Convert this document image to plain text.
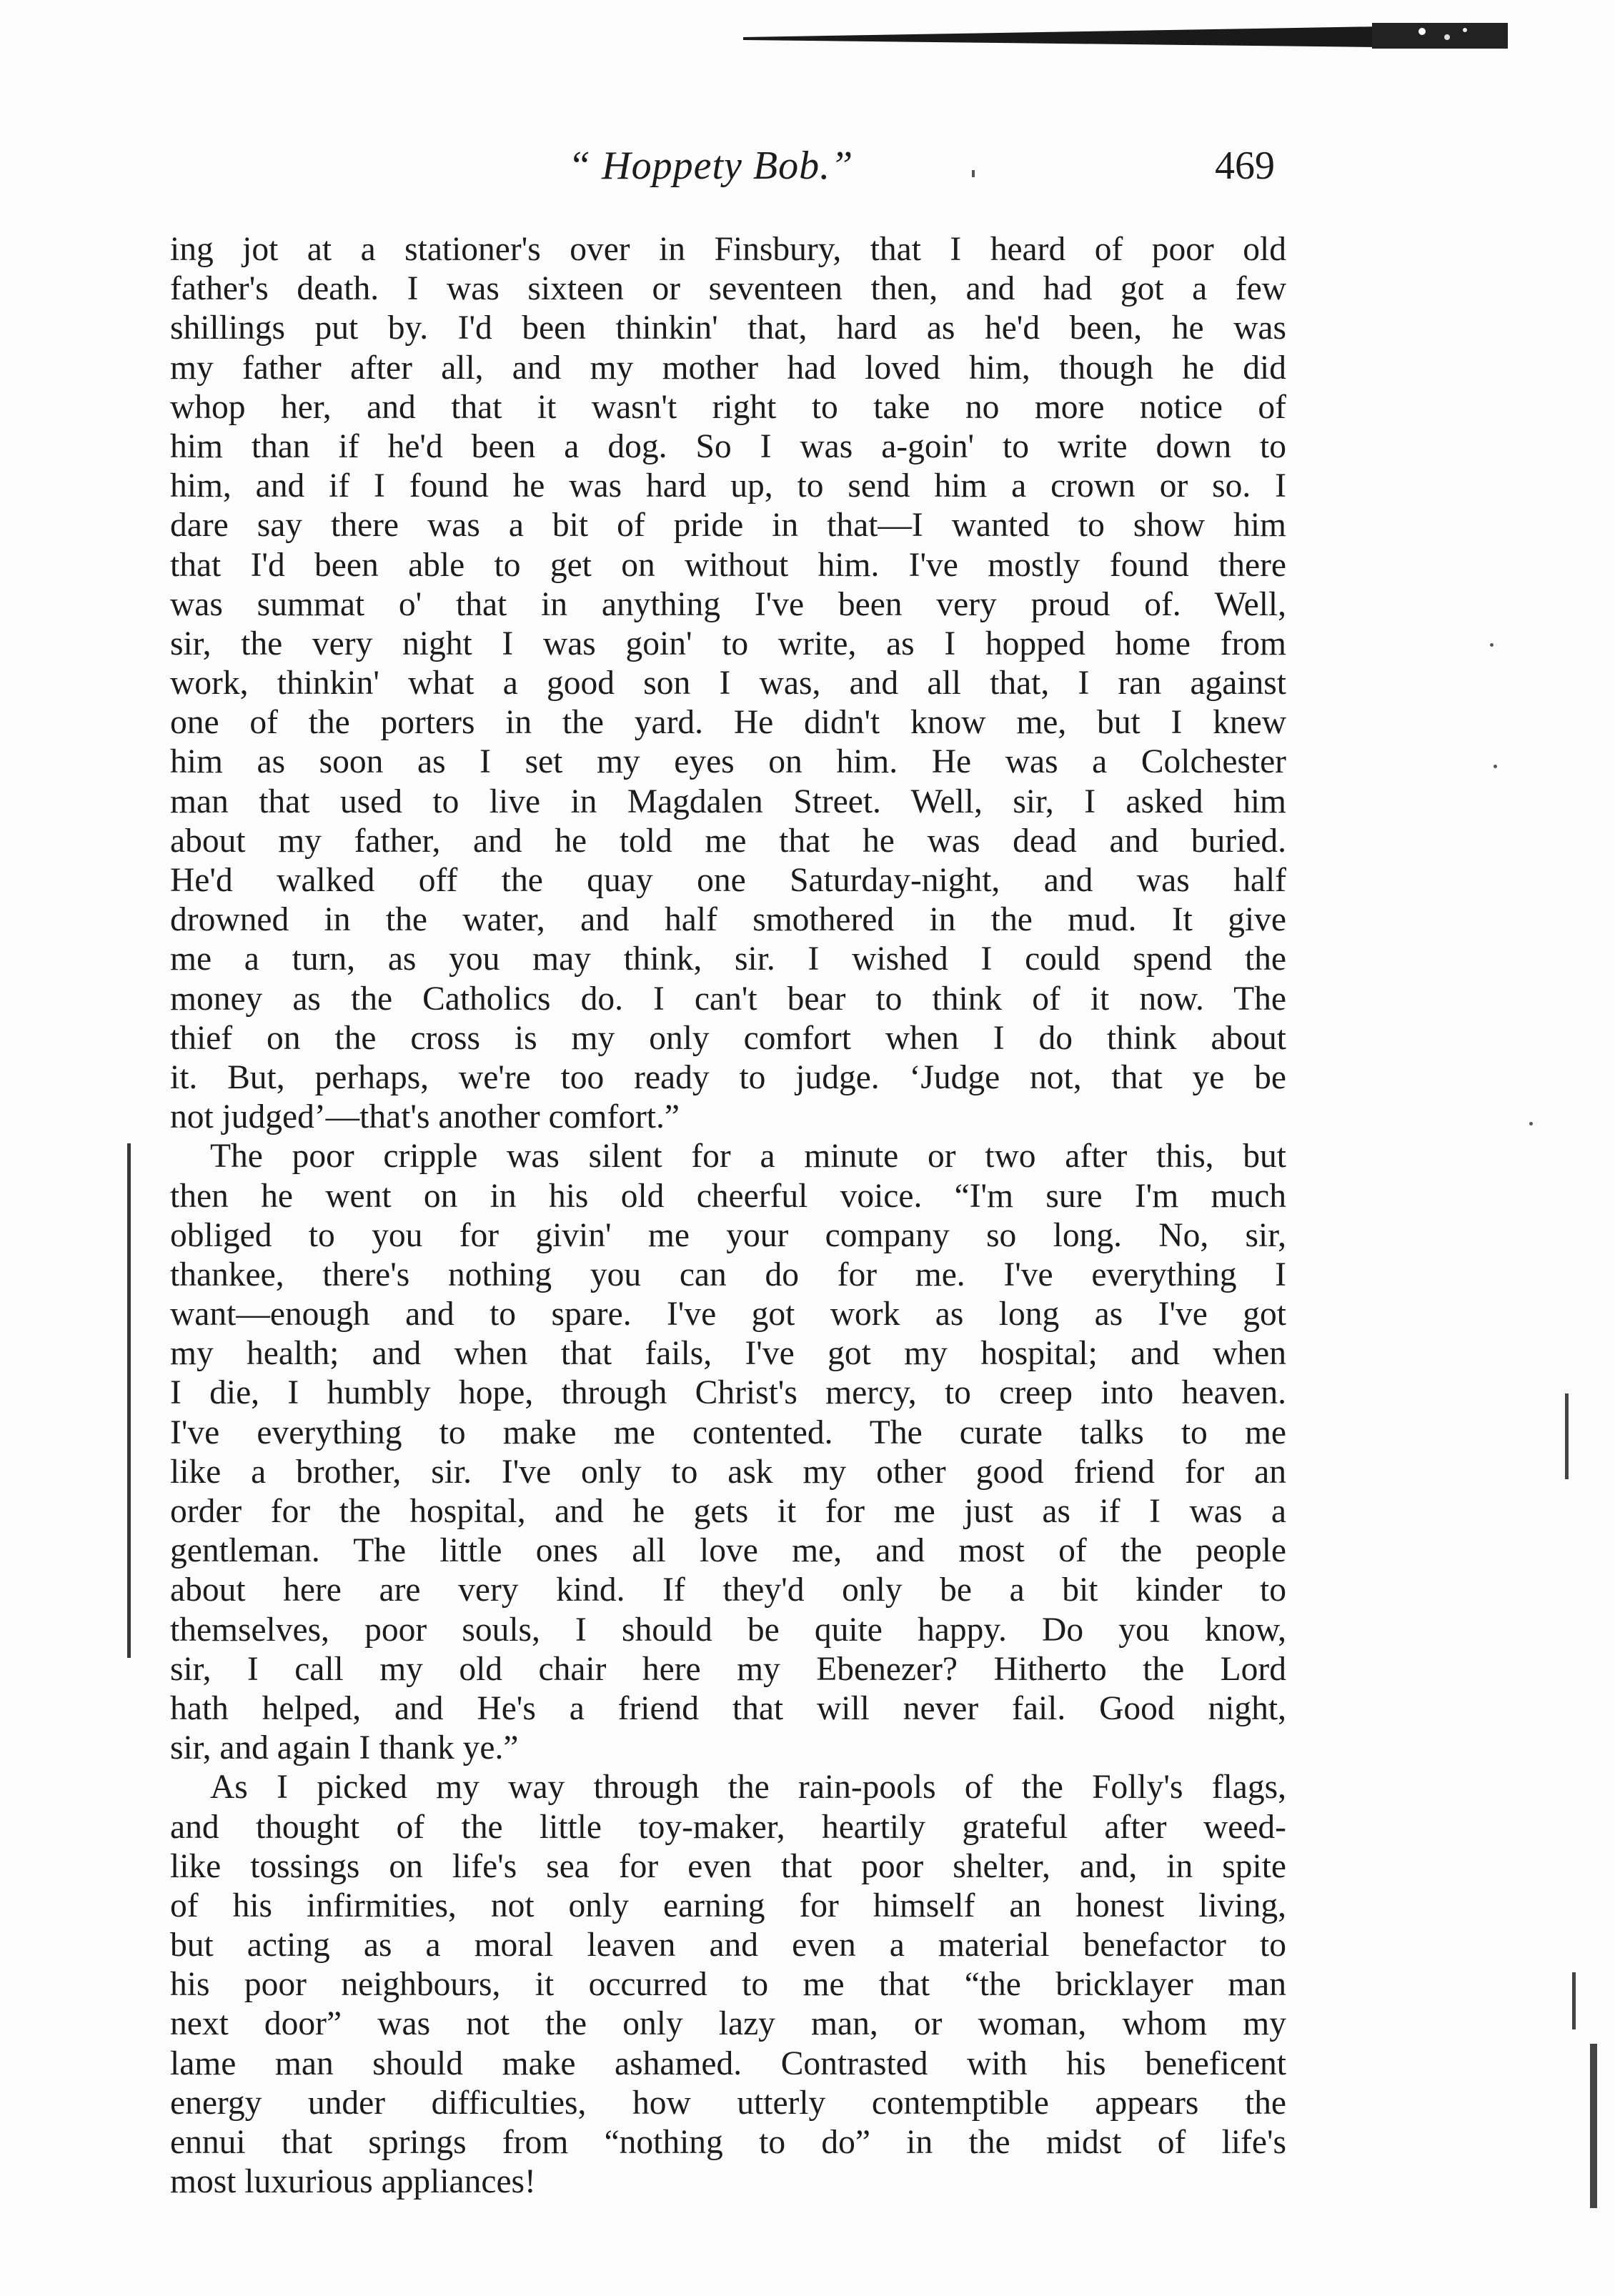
“ Hoppety Bob.”	469
ing jot at a stationer's over in Finsbury, that I heard of poor old
father's death. I was sixteen or seventeen then, and had got a few
shillings put by. I'd been thinkin' that, hard as he'd been, he was
my father after all, and my mother had loved him, though he did
whop her, and that it wasn't right to take no more notice of
him than if he'd been a dog. So I was a-goin' to write down to
him, and if I found he was hard up, to send him a crown or so. I
dare say there was a bit of pride in that—I wanted to show him
that I'd been able to get on without him. I've mostly found there
was summat o' that in anything I've been very proud of. Well,
sir, the very night I was goin' to write, as I hopped home from
work, thinkin' what a good son I was, and all that, I ran against
one of the porters in the yard. He didn't know me, but I knew
him as soon as I set my eyes on him. He was a Colchester
man that used to live in Magdalen Street. Well, sir, I asked him
about my father, and he told me that he was dead and buried.
He'd walked off the quay one Saturday-night, and was half
drowned in the water, and half smothered in the mud. It give
me a turn, as you may think, sir. I wished I could spend the
money as the Catholics do. I can't bear to think of it now. The
thief on the cross is my only comfort when I do think about
it. But, perhaps, we're too ready to judge. ‘Judge not, that ye be
not judged’—that's another comfort.”
The poor cripple was silent for a minute or two after this, but
then he went on in his old cheerful voice. “I'm sure I'm much
obliged to you for givin' me your company so long. No, sir,
thankee, there's nothing you can do for me. I've everything I
want—enough and to spare. I've got work as long as I've got
my health; and when that fails, I've got my hospital; and when
I die, I humbly hope, through Christ's mercy, to creep into heaven.
I've everything to make me contented. The curate talks to me
like a brother, sir. I've only to ask my other good friend for an
order for the hospital, and he gets it for me just as if I was a
gentleman. The little ones all love me, and most of the people
about here are very kind. If they'd only be a bit kinder to
themselves, poor souls, I should be quite happy. Do you know,
sir, I call my old chair here my Ebenezer? Hitherto the Lord
hath helped, and He's a friend that will never fail. Good night,
sir, and again I thank ye.”
As I picked my way through the rain-pools of the Folly's flags,
and thought of the little toy-maker, heartily grateful after weed-
like tossings on life's sea for even that poor shelter, and, in spite
of his infirmities, not only earning for himself an honest living,
but acting as a moral leaven and even a material benefactor to
his poor neighbours, it occurred to me that “the bricklayer man
next door” was not the only lazy man, or woman, whom my
lame man should make ashamed. Contrasted with his beneficent
energy under difficulties, how utterly contemptible appears the
ennui that springs from “nothing to do” in the midst of life's
most luxurious appliances!
